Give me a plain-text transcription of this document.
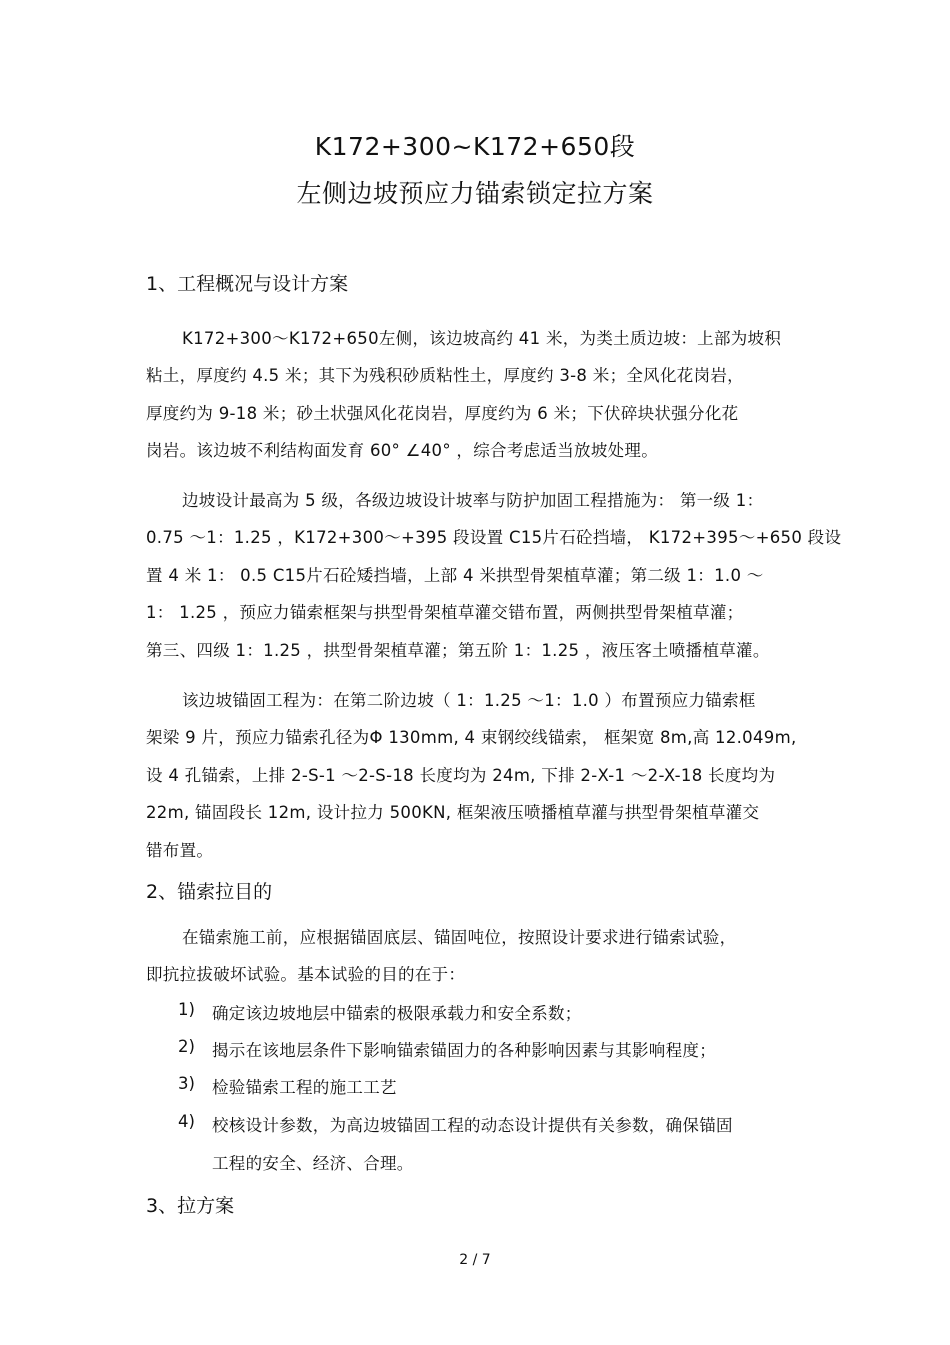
K172+300~K172+650段
左侧边坡预应力锚索锁定拉方案
1、工程概况与设计方案
K172+300～K172+650左侧，该边坡高约 41 米，为类土质边坡：上部为坡积
粘土，厚度约 4.5 米；其下为残积砂质粘性土，厚度约 3-8 米；全风化花岗岩，
厚度约为 9-18 米；砂土状强风化花岗岩，厚度约为 6 米；下伏碎块状强分化花
岗岩。该边坡不利结构面发育 60° ∠40° ，综合考虑适当放坡处理。
边坡设计最高为 5 级，各级边坡设计坡率与防护加固工程措施为： 第一级 1：
0.75 ～1：1.25 ，K172+300～+395 段设置 C15片石砼挡墙， K172+395～+650 段设
置 4 米 1： 0.5 C15片石砼矮挡墙，上部 4 米拱型骨架植草灌；第二级 1：1.0 ～
1： 1.25 ，预应力锚索框架与拱型骨架植草灌交错布置，两侧拱型骨架植草灌；
第三、四级 1：1.25 ，拱型骨架植草灌；第五阶 1：1.25 ，液压客土喷播植草灌。
该边坡锚固工程为：在第二阶边坡（ 1：1.25 ～1：1.0 ）布置预应力锚索框
架梁 9 片，预应力锚索孔径为Φ 130mm, 4 束钢绞线锚索， 框架宽 8m,高 12.049m,
设 4 孔锚索，上排 2-S-1 ～2-S-18 长度均为 24m, 下排 2-X-1 ～2-X-18 长度均为
22m, 锚固段长 12m, 设计拉力 500KN, 框架液压喷播植草灌与拱型骨架植草灌交
错布置。
2、锚索拉目的
在锚索施工前，应根据锚固底层、锚固吨位，按照设计要求进行锚索试验，
即抗拉拔破坏试验。基本试验的目的在于：
1) 确定该边坡地层中锚索的极限承载力和安全系数；
2) 揭示在该地层条件下影响锚索锚固力的各种影响因素与其影响程度；
3) 检验锚索工程的施工工艺
4) 校核设计参数，为高边坡锚固工程的动态设计提供有关参数，确保锚固
工程的安全、经济、合理。
3、拉方案
2 / 7
